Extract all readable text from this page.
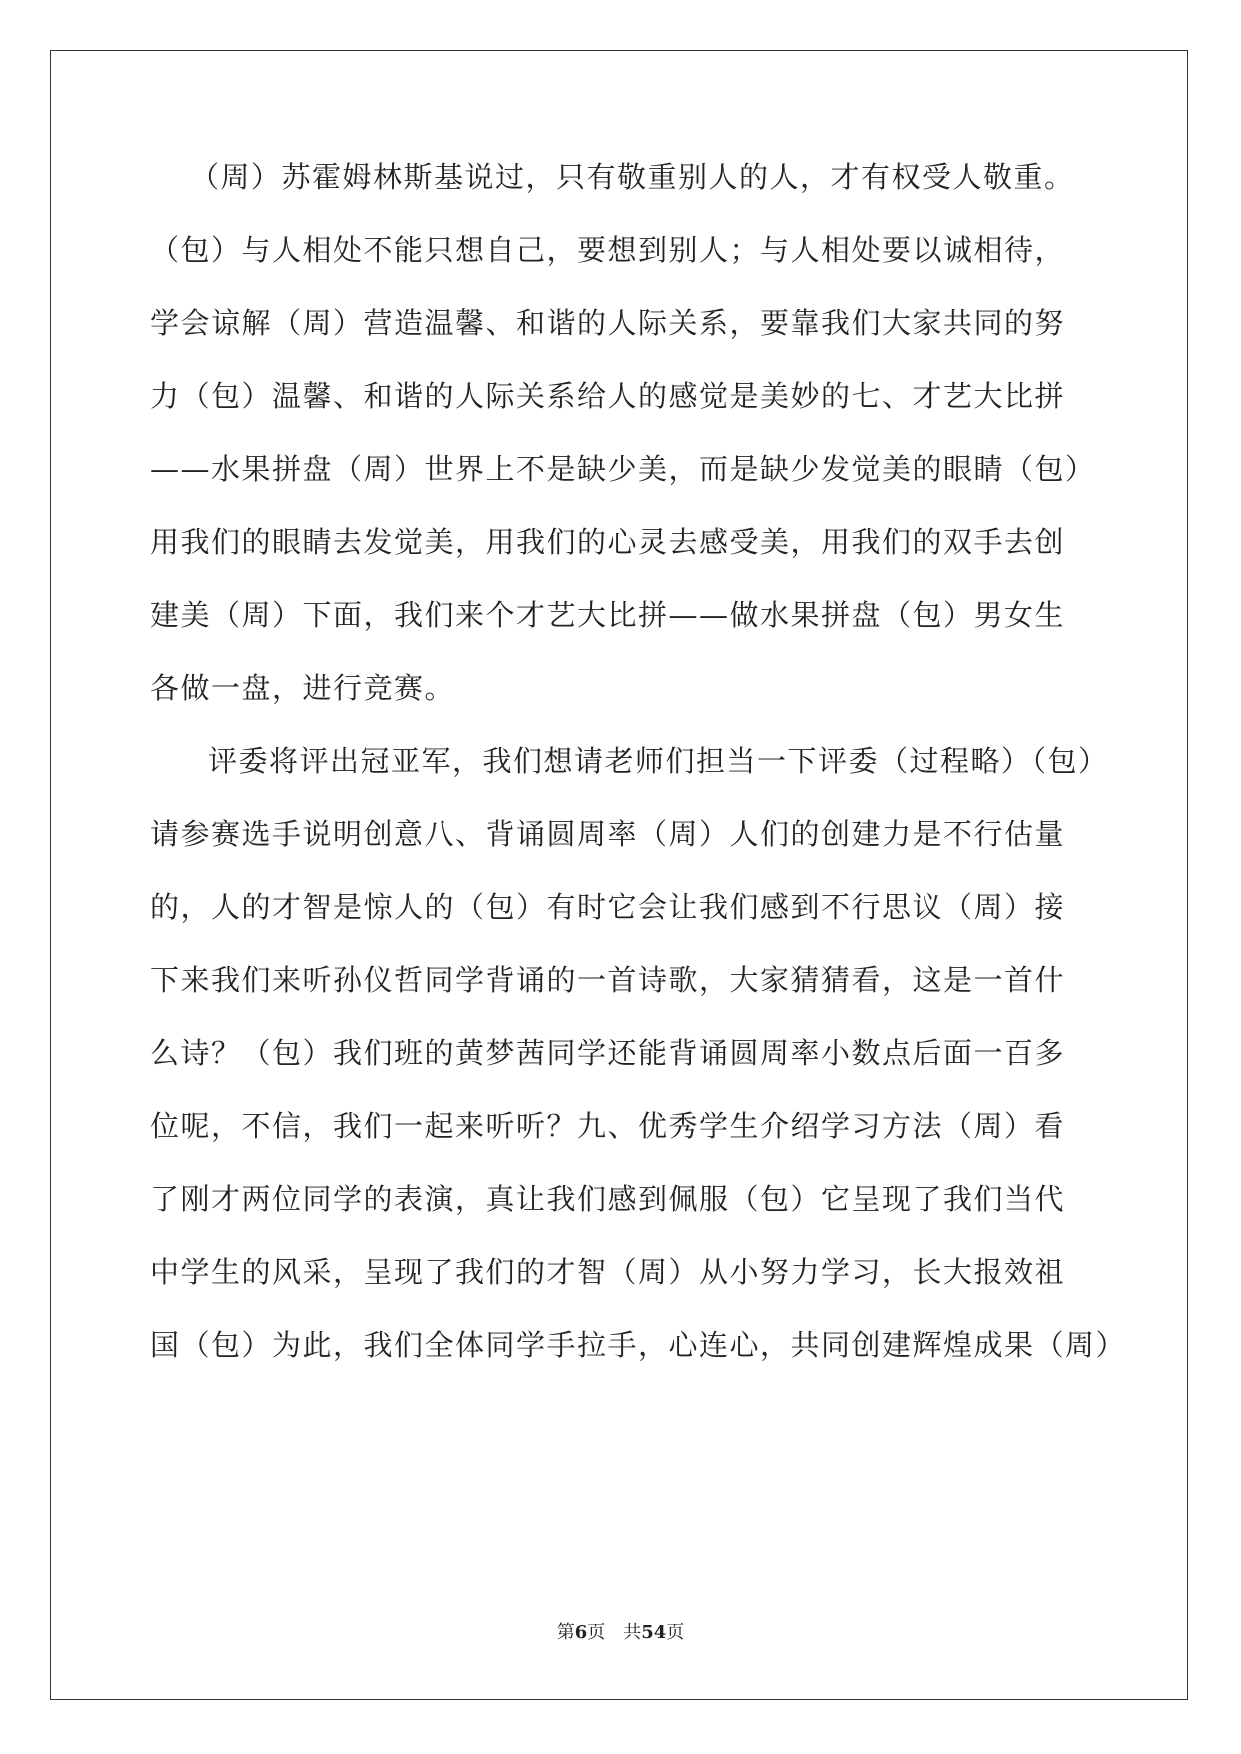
（周）苏霍姆林斯基说过，只有敬重别人的人，才有权受人敬重。
（包）与人相处不能只想自己，要想到别人；与人相处要以诚相待，
学会谅解（周）营造温馨、和谐的人际关系，要靠我们大家共同的努
力（包）温馨、和谐的人际关系给人的感觉是美妙的七、才艺大比拼
——水果拼盘（周）世界上不是缺少美，而是缺少发觉美的眼睛（包）
用我们的眼睛去发觉美，用我们的心灵去感受美，用我们的双手去创
建美（周）下面，我们来个才艺大比拼——做水果拼盘（包）男女生
各做一盘，进行竞赛。
评委将评出冠亚军，我们想请老师们担当一下评委（过程略）（包）
请参赛选手说明创意八、背诵圆周率（周）人们的创建力是不行估量
的，人的才智是惊人的（包）有时它会让我们感到不行思议（周）接
下来我们来听孙仪哲同学背诵的一首诗歌，大家猜猜看，这是一首什
么诗？（包）我们班的黄梦茜同学还能背诵圆周率小数点后面一百多
位呢，不信，我们一起来听听？九、优秀学生介绍学习方法（周）看
了刚才两位同学的表演，真让我们感到佩服（包）它呈现了我们当代
中学生的风采，呈现了我们的才智（周）从小努力学习，长大报效祖
国（包）为此，我们全体同学手拉手，心连心，共同创建辉煌成果（周）
第6页 共54页
